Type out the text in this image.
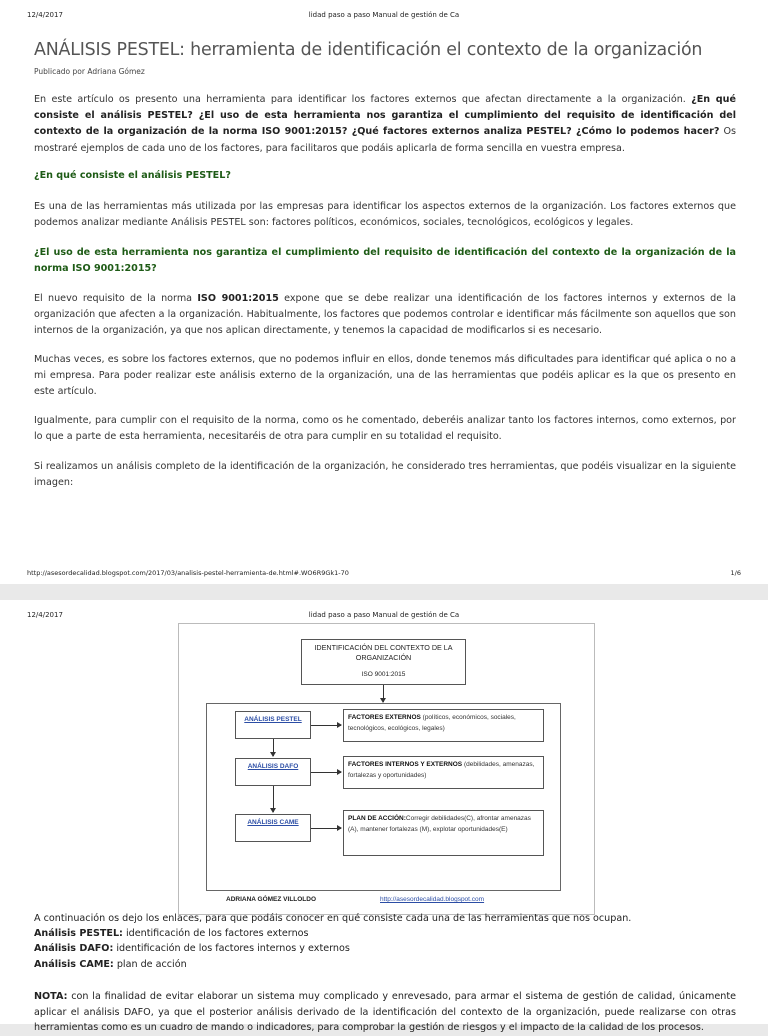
12/4/2017	lidad paso a paso Manual de gestión de Ca
ANÁLISIS PESTEL: herramienta de identificación el contexto de la organización
Publicado por Adriana Gómez

En este artículo os presento una herramienta para identificar los factores externos que afectan directamente a la organización. ¿En qué consiste el análisis PESTEL? ¿El uso de esta herramienta nos garantiza el cumplimiento del requisito de identificación del contexto de la organización de la norma ISO 9001:2015? ¿Qué factores externos analiza PESTEL? ¿Cómo lo podemos hacer? Os mostraré ejemplos de cada uno de los factores, para facilitaros que podáis aplicarla de forma sencilla en vuestra empresa.

¿En qué consiste el análisis PESTEL?

Es una de las herramientas más utilizada por las empresas para identificar los aspectos externos de la organización. Los factores externos que podemos analizar mediante Análisis PESTEL son: factores políticos, económicos, sociales, tecnológicos, ecológicos y legales.

¿El uso de esta herramienta nos garantiza el cumplimiento del requisito de identificación del contexto de la organización de la norma ISO 9001:2015?

El nuevo requisito de la norma ISO 9001:2015 expone que se debe realizar una identificación de los factores internos y externos de la organización que afecten a la organización. Habitualmente, los factores que podemos controlar e identificar más fácilmente son aquellos que son internos de la organización, ya que nos aplican directamente, y tenemos la capacidad de modificarlos si es necesario.

Muchas veces, es sobre los factores externos, que no podemos influir en ellos, donde tenemos más dificultades para identificar qué aplica o no a mi empresa. Para poder realizar este análisis externo de la organización, una de las herramientas que podéis aplicar es la que os presento en este artículo.

Igualmente, para cumplir con el requisito de la norma, como os he comentado, deberéis analizar tanto los factores internos, como externos, por lo que a parte de esta herramienta, necesitaréis de otra para cumplir en su totalidad el requisito.

Si realizamos un análisis completo de la identificación de la organización, he considerado tres herramientas, que podéis visualizar en la siguiente imagen:

http://asesordecalidad.blogspot.com/2017/03/analisis-pestel-herramienta-de.html#.WO6R9Gk1-70	1/6
12/4/2017	lidad paso a paso Manual de gestión de Ca
IDENTIFICACIÓN DEL CONTEXTO DE LA
ORGANIZACIÓN
ISO 9001:2015
ANÁLISIS PESTEL	FACTORES EXTERNOS (políticos, económicos, sociales, tecnológicos, ecológicos, legales)
ANÁLISIS DAFO	FACTORES INTERNOS Y EXTERNOS (debilidades, amenazas, fortalezas y oportunidades)
ANÁLISIS CAME
PLAN DE ACCIÓN:Corregir debilidades(C), afrontar amenazas (A), mantener fortalezas (M), explotar oportunidades(E)
ADRIANA GÓMEZ VILLOLDO	http://asesordecalidad.blogspot.com

A continuación os dejo los enlaces, para que podáis conocer en qué consiste cada una de las herramientas que nos ocupan.

Análisis PESTEL: identificación de los factores externos

Análisis DAFO: identificación de los factores internos y externos

Análisis CAME: plan de acción

NOTA: con la finalidad de evitar elaborar un sistema muy complicado y enrevesado, para armar el sistema de gestión de calidad, únicamente aplicar el análisis DAFO, ya que el posterior análisis derivado de la identificación del contexto de la organización, puede realizarse con otras herramientas como es un cuadro de mando o indicadores, para comprobar la gestión de riesgos y el impacto de la calidad de los procesos.
